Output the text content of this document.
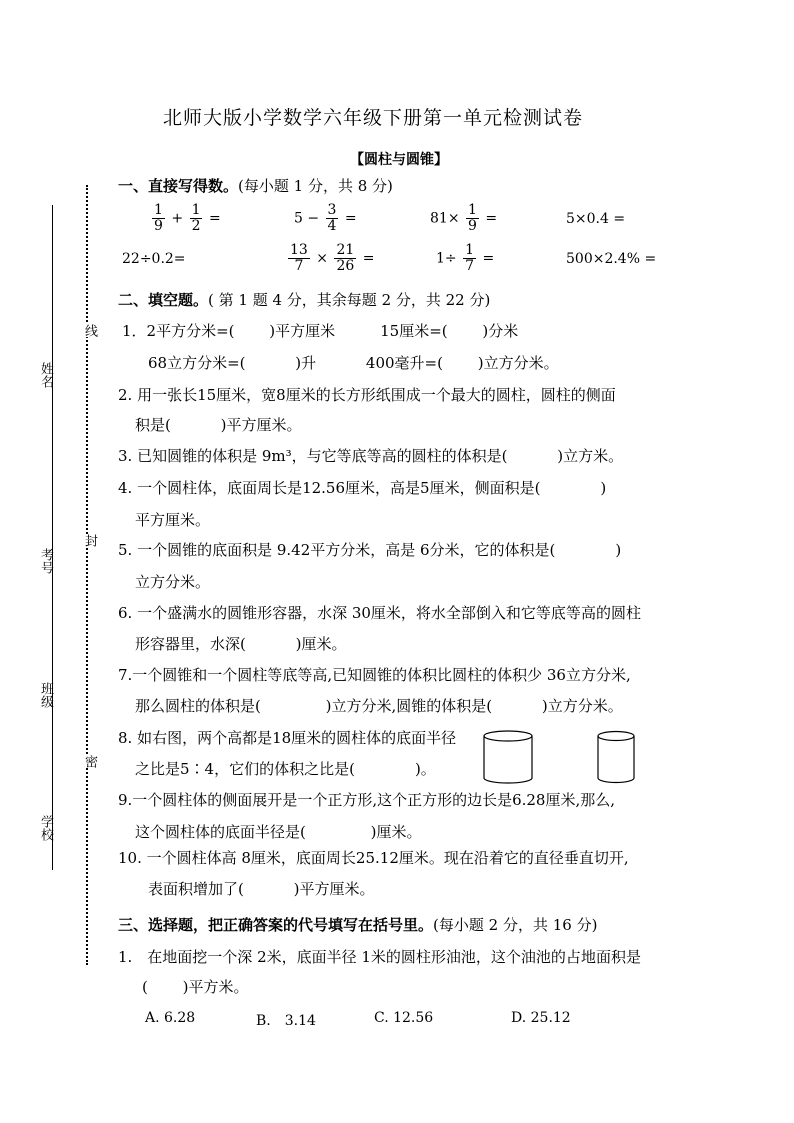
姓名
考号
班级
学校
线
封
密
北师大版小学数学六年级下册第一单元检测试卷
【圆柱与圆锥】
一、直接写得数。(每小题 1 分，共 8 分)
$\frac{1}{9} + \frac{1}{2}$ =	$5 - \frac{3}{4}$ =	$81\times \frac{1}{9}$ =	5×0.4 =
22÷0.2=	$\frac{13}{7} \times \frac{21}{26}$ =	$1\div \frac{1}{7}$ =	500×2.4% =
二、填空题。( 第 1 题 4 分，其余每题 2 分，共 22 分)
1．2平方分米=(　　 )平方厘米　　　15厘米=(　　 )分米
68立方分米=(　　　 )升　　　 400毫升=(　　 )立方分米。
2. 用一张长15厘米，宽8厘米的长方形纸围成一个最大的圆柱，圆柱的侧面
积是(　　　 )平方厘米。
3. 已知圆锥的体积是 9m³，与它等底等高的圆柱的体积是(　　　 )立方米。
4. 一个圆柱体，底面周长是12.56厘米，高是5厘米，侧面积是(　　　　)
平方厘米。
5. 一个圆锥的底面积是 9.42平方分米，高是 6分米，它的体积是(　　　　)
立方分米。
6. 一个盛满水的圆锥形容器，水深 30厘米，将水全部倒入和它等底等高的圆柱
形容器里，水深(　　　 )厘米。
7.一个圆锥和一个圆柱等底等高,已知圆锥的体积比圆柱的体积少 36立方分米,
那么圆柱的体积是(　　　　 )立方分米,圆锥的体积是(　　　 )立方分米。
8. 如右图，两个高都是18厘米的圆柱体的底面半径
之比是5∶4，它们的体积之比是(　　　　)。
9.一个圆柱体的侧面展开是一个正方形,这个正方形的边长是6.28厘米,那么,
这个圆柱体的底面半径是(　　　　 )厘米。
10. 一个圆柱体高 8厘米，底面周长25.12厘米。现在沿着它的直径垂直切开,
表面积增加了(　　　 )平方厘米。
三、选择题，把正确答案的代号填写在括号里。(每小题 2 分，共 16 分)
1.　在地面挖一个深 2米，底面半径 1米的圆柱形油池，这个油池的占地面积是
(　　 )平方米。
A. 6.28	B.　3.14	C. 12.56	D. 25.12
